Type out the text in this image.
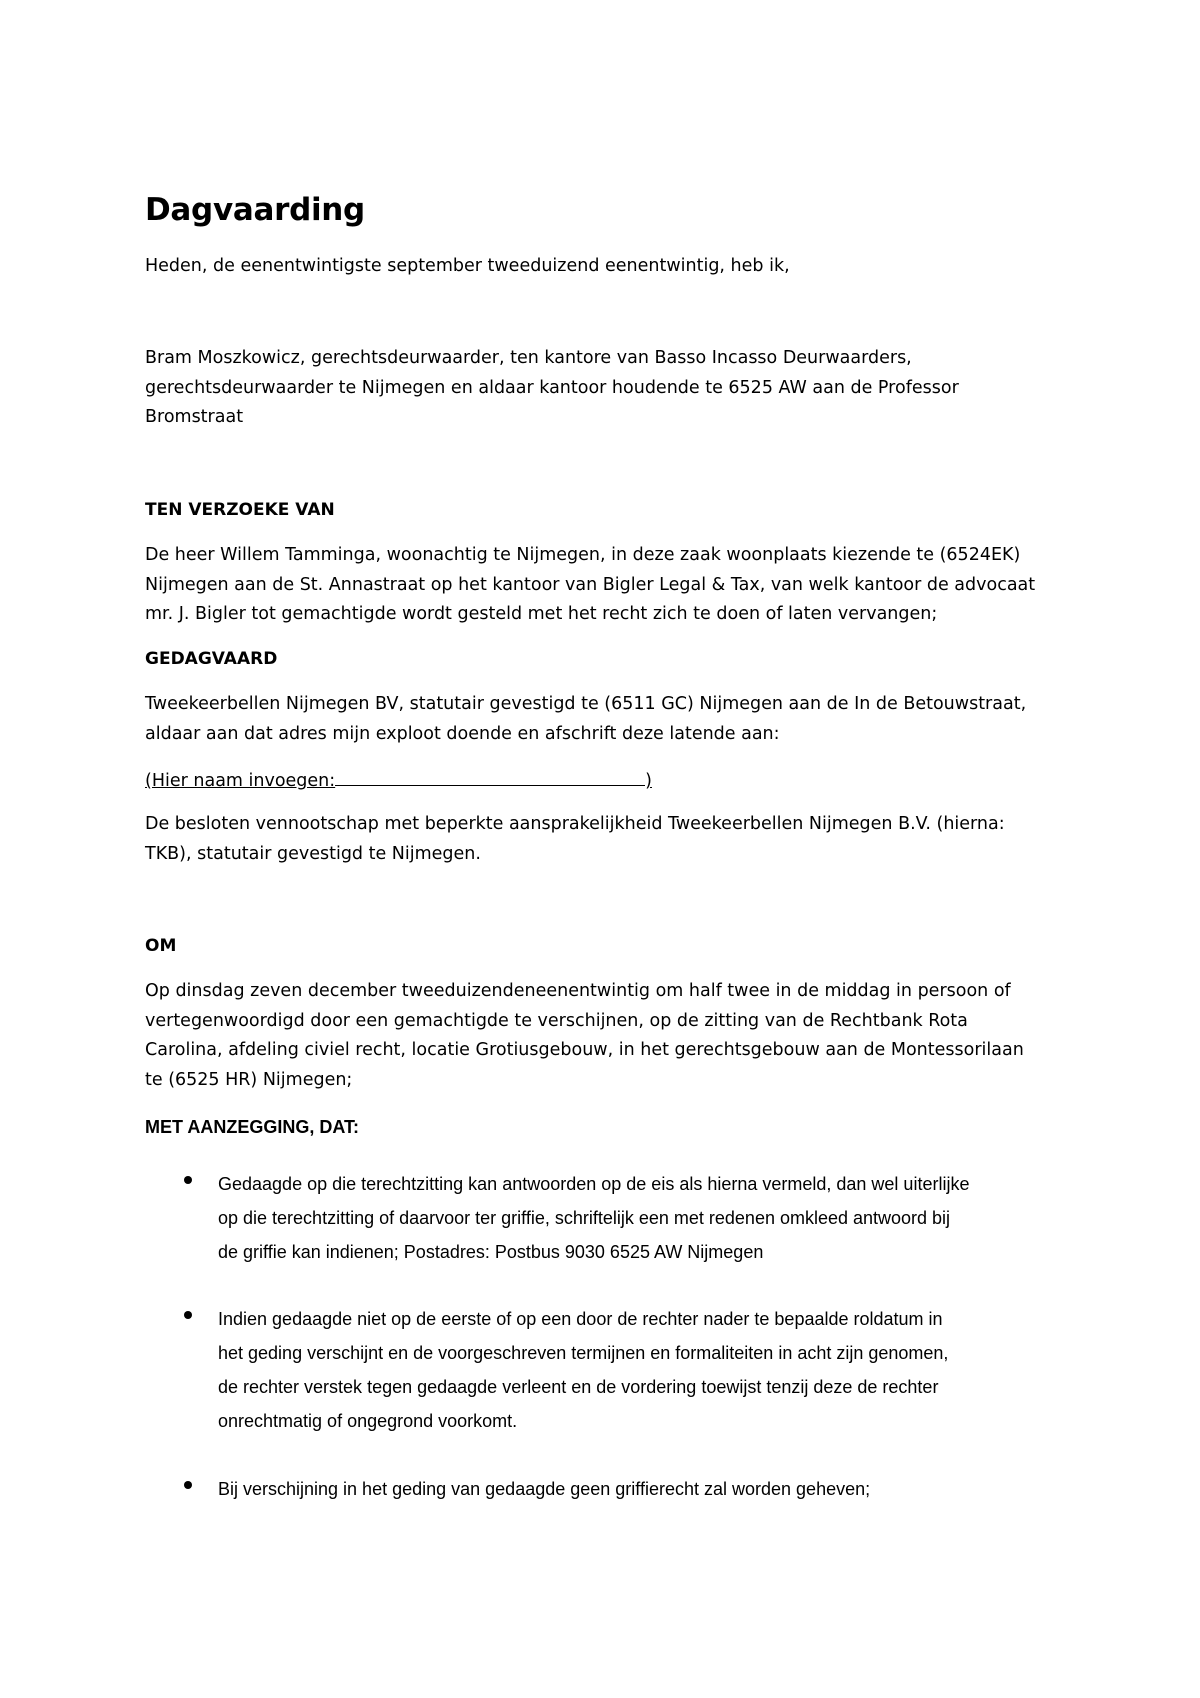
Dagvaarding

Heden, de eenentwintigste september tweeduizend eenentwintig, heb ik,

Bram Moszkowicz, gerechtsdeurwaarder, ten kantore van Basso Incasso Deurwaarders,
gerechtsdeurwaarder te Nijmegen en aldaar kantoor houdende te 6525 AW aan de Professor
Bromstraat
TEN VERZOEKE VAN
De heer Willem Tamminga, woonachtig te Nijmegen, in deze zaak woonplaats kiezende te (6524EK)
Nijmegen aan de St. Annastraat op het kantoor van Bigler Legal & Tax, van welk kantoor de advocaat
mr. J. Bigler tot gemachtigde wordt gesteld met het recht zich te doen of laten vervangen;
GEDAGVAARD
Tweekeerbellen Nijmegen BV, statutair gevestigd te (6511 GC) Nijmegen aan de In de Betouwstraat,
aldaar aan dat adres mijn exploot doende en afschrift deze latende aan:
(Hier naam invoegen:	)
De besloten vennootschap met beperkte aansprakelijkheid Tweekeerbellen Nijmegen B.V. (hierna:
TKB), statutair gevestigd te Nijmegen.
OM
Op dinsdag zeven december tweeduizendeneenentwintig om half twee in de middag in persoon of
vertegenwoordigd door een gemachtigde te verschijnen, op de zitting van de Rechtbank Rota
Carolina, afdeling civiel recht, locatie Grotiusgebouw, in het gerechtsgebouw aan de Montessorilaan
te (6525 HR) Nijmegen;
MET AANZEGGING, DAT:
Gedaagde op die terechtzitting kan antwoorden op de eis als hierna vermeld, dan wel uiterlijke
op die terechtzitting of daarvoor ter griffie, schriftelijk een met redenen omkleed antwoord bij
de griffie kan indienen; Postadres: Postbus 9030 6525 AW Nijmegen
Indien gedaagde niet op de eerste of op een door de rechter nader te bepaalde roldatum in
het geding verschijnt en de voorgeschreven termijnen en formaliteiten in acht zijn genomen,
de rechter verstek tegen gedaagde verleent en de vordering toewijst tenzij deze de rechter
onrechtmatig of ongegrond voorkomt.
Bij verschijning in het geding van gedaagde geen griffierecht zal worden geheven;
